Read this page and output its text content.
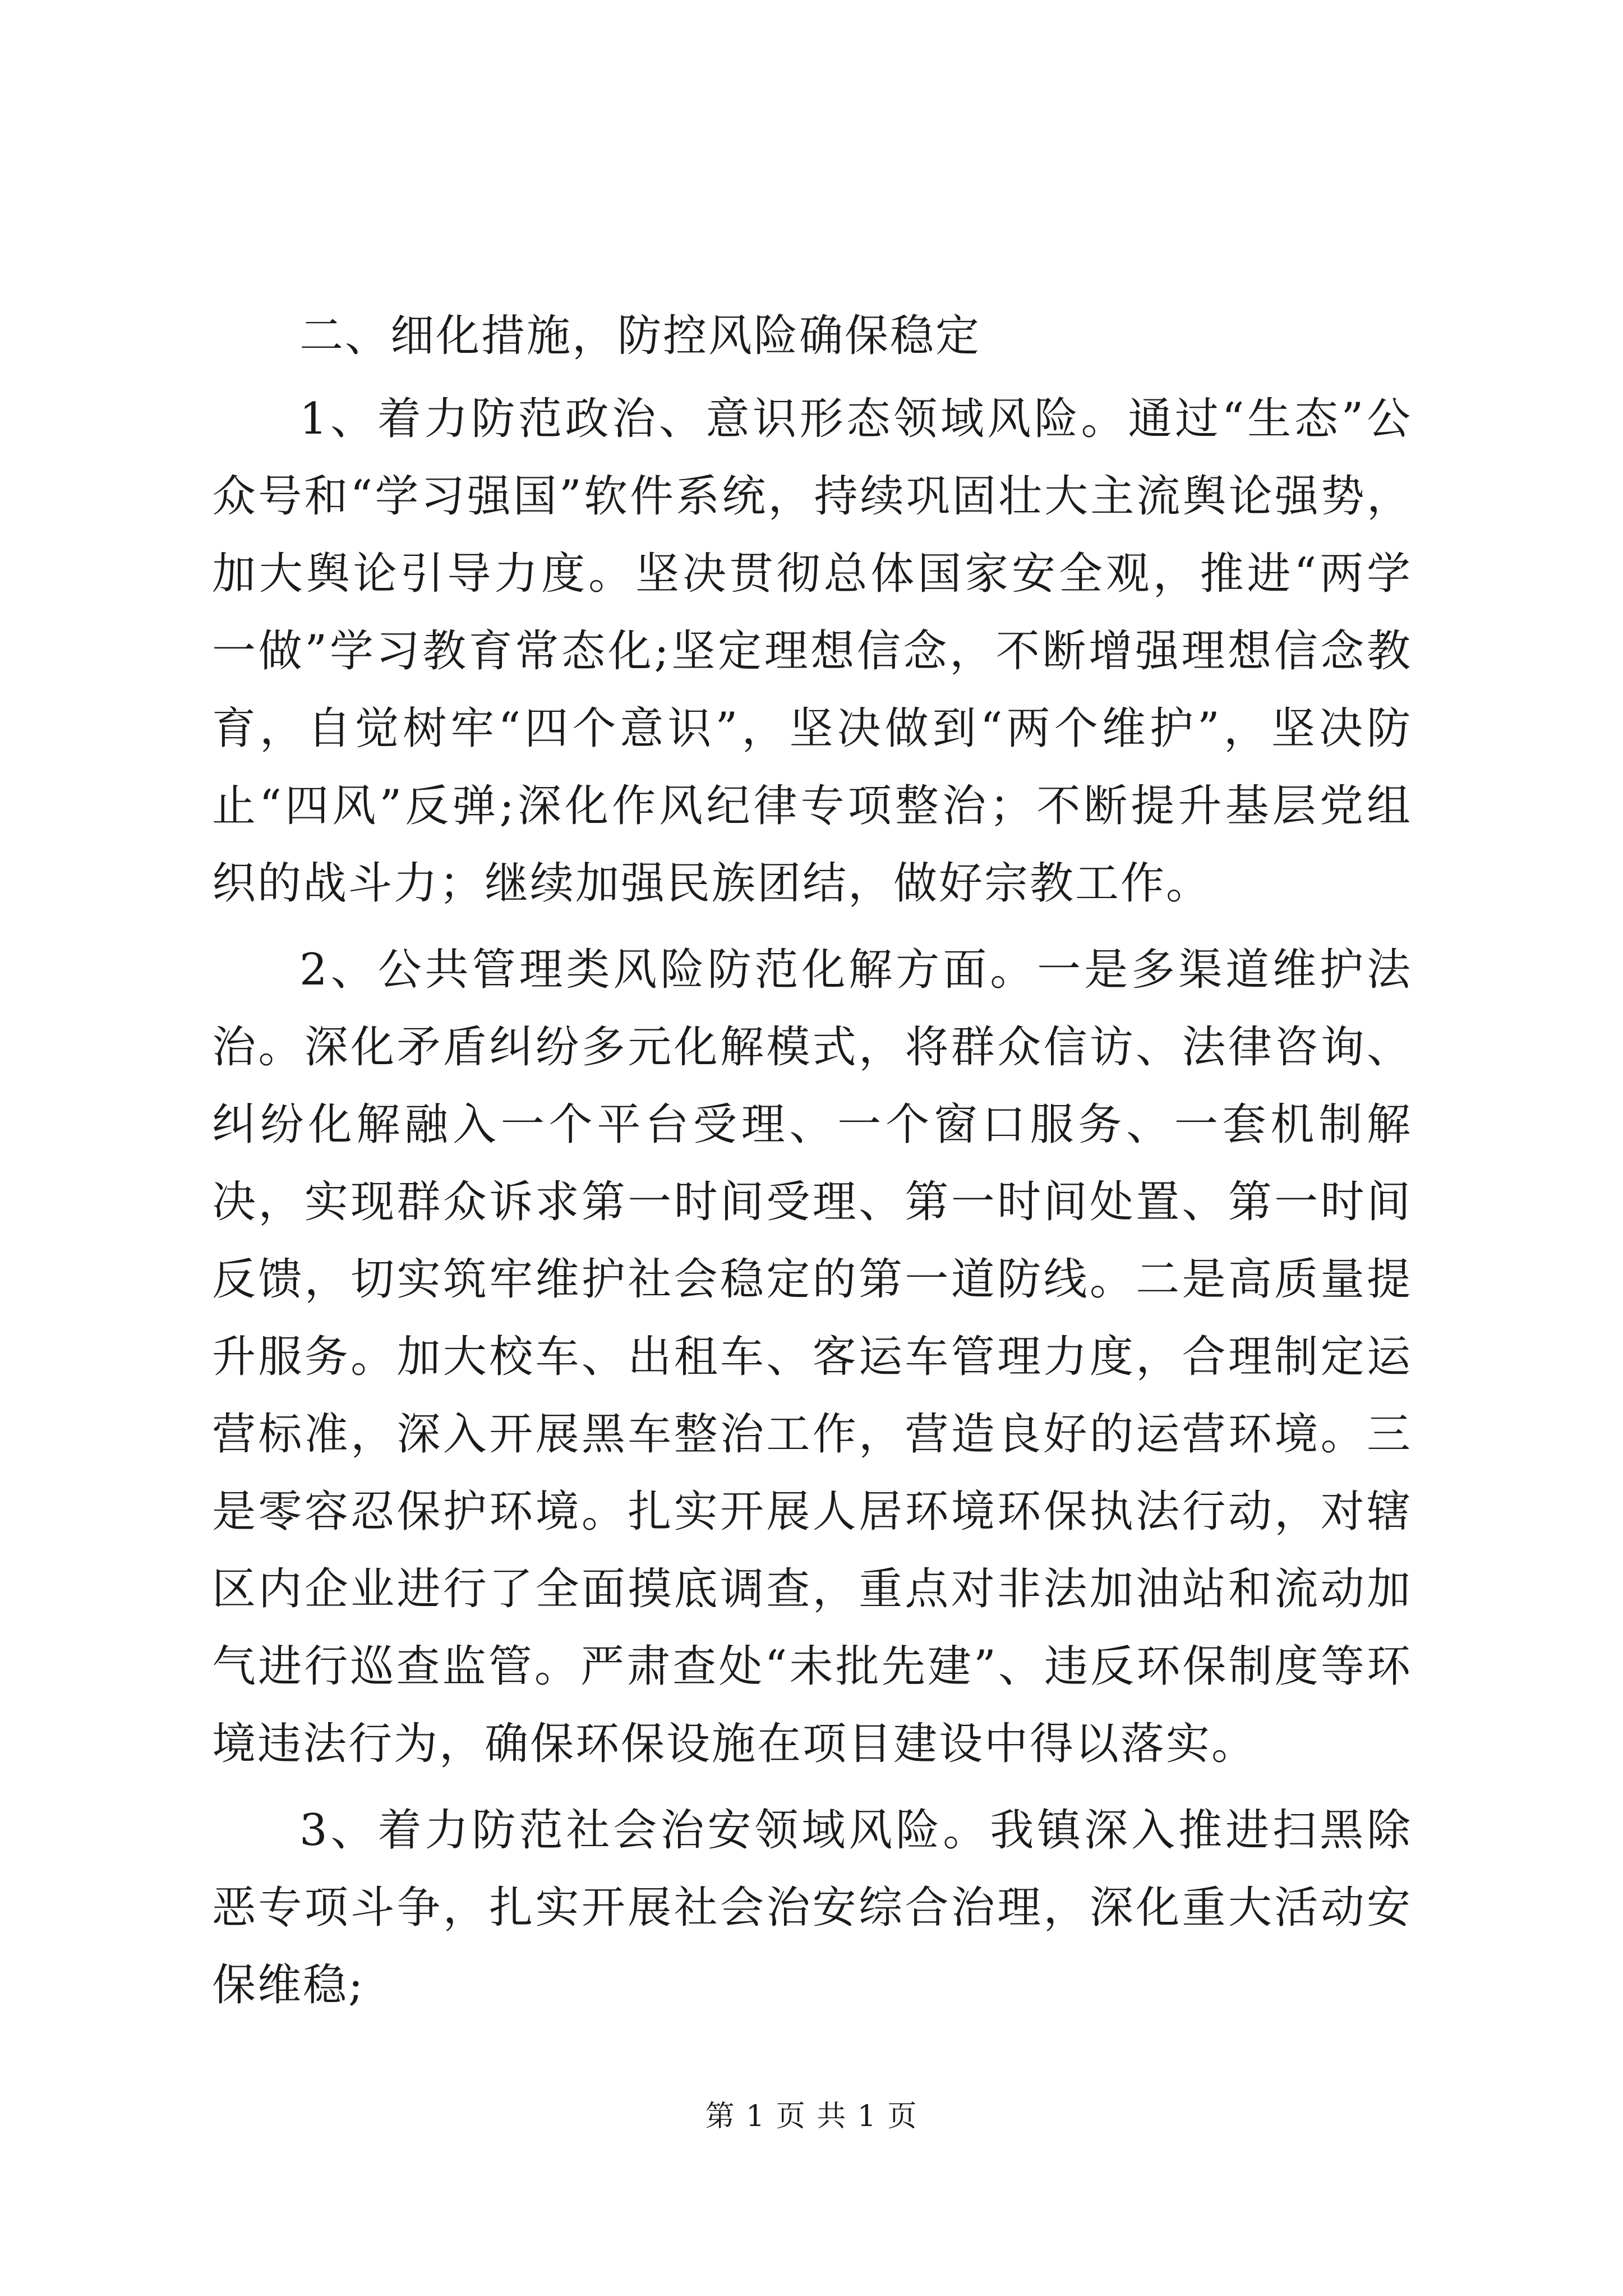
二、细化措施，防控风险确保稳定

1、着力防范政治、意识形态领域风险。通过“生态”公众号和“学习强国”软件系统，持续巩固壮大主流舆论强势，加大舆论引导力度。坚决贯彻总体国家安全观，推进“两学一做”学习教育常态化;坚定理想信念，不断增强理想信念教育，自觉树牢“四个意识”，坚决做到“两个维护”，坚决防止“四风”反弹;深化作风纪律专项整治；不断提升基层党组织的战斗力；继续加强民族团结，做好宗教工作。

2、公共管理类风险防范化解方面。一是多渠道维护法治。深化矛盾纠纷多元化解模式，将群众信访、法律咨询、纠纷化解融入一个平台受理、一个窗口服务、一套机制解决，实现群众诉求第一时间受理、第一时间处置、第一时间反馈，切实筑牢维护社会稳定的第一道防线。二是高质量提升服务。加大校车、出租车、客运车管理力度，合理制定运营标准，深入开展黑车整治工作，营造良好的运营环境。三是零容忍保护环境。扎实开展人居环境环保执法行动，对辖区内企业进行了全面摸底调查，重点对非法加油站和流动加气进行巡查监管。严肃查处“未批先建”、违反环保制度等环境违法行为，确保环保设施在项目建设中得以落实。

3、着力防范社会治安领域风险。我镇深入推进扫黑除恶专项斗争，扎实开展社会治安综合治理，深化重大活动安保维稳;

第 1 页 共 1 页
